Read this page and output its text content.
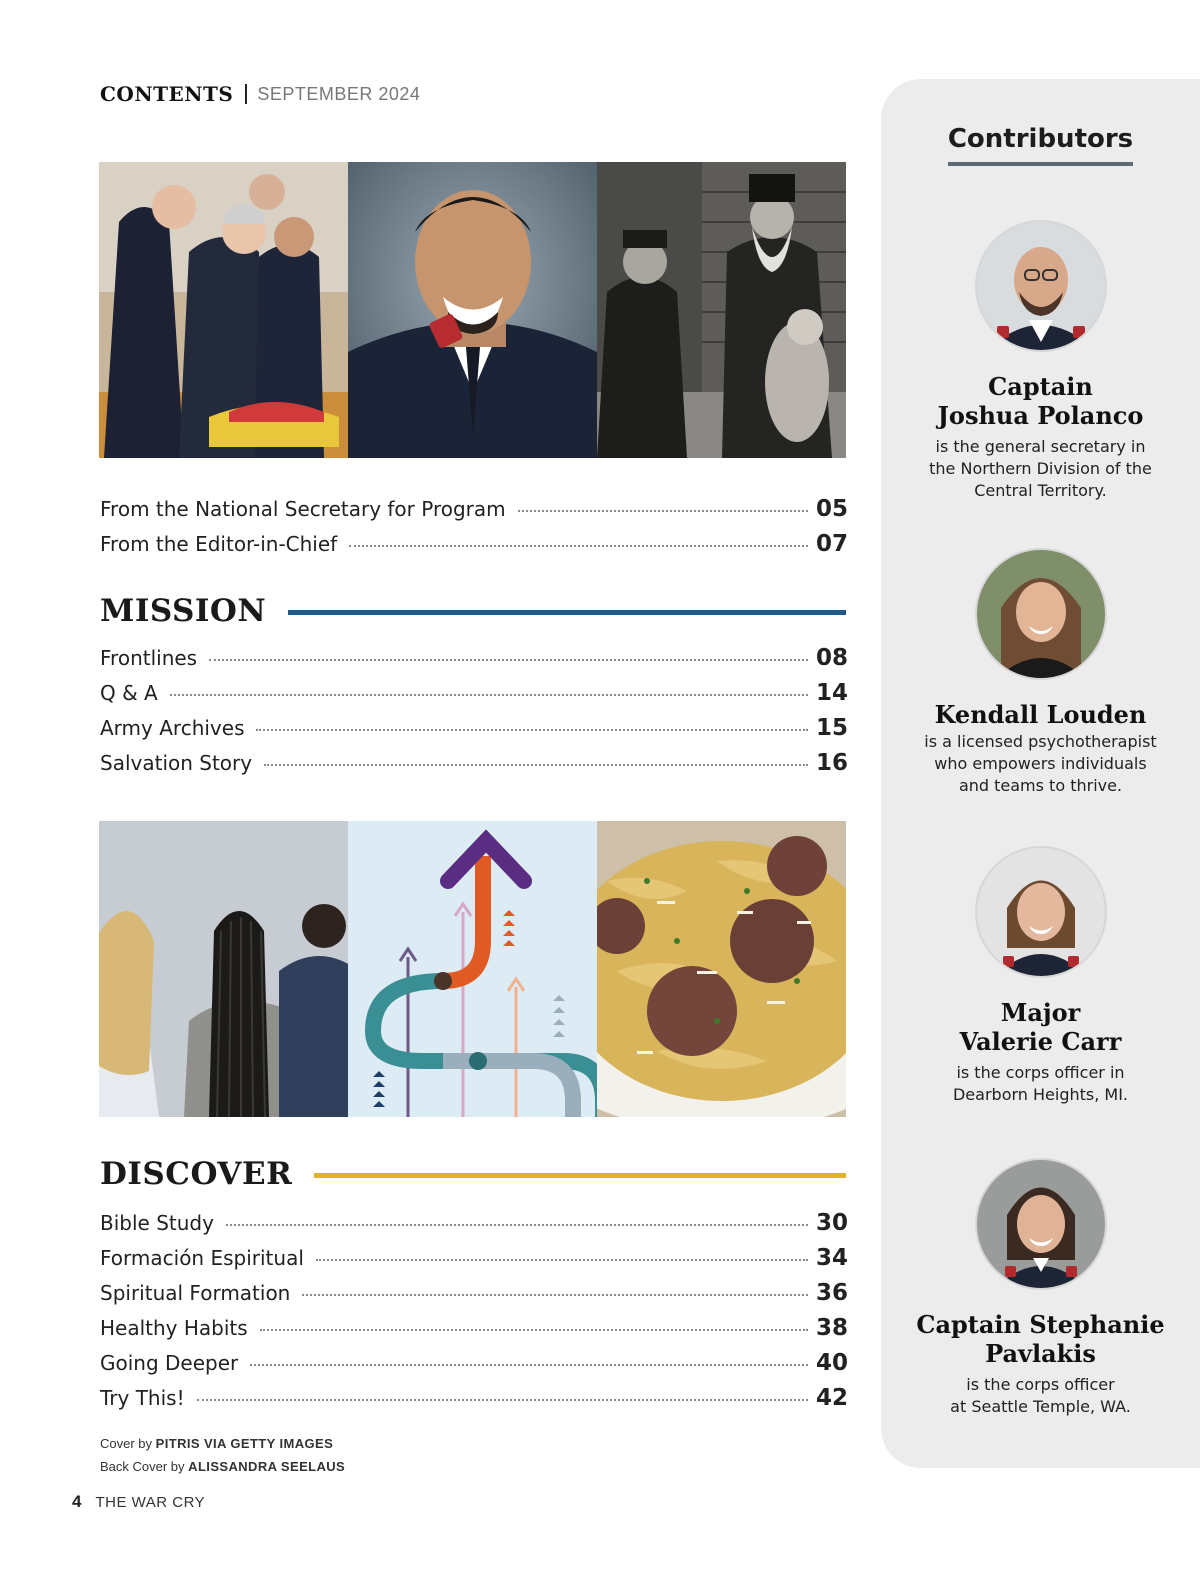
CONTENTS SEPTEMBER 2024
From the National Secretary for Program	05
From the Editor-in-Chief	07
MISSION
Frontlines	08
Q & A	14
Army Archives	15
Salvation Story	16
DISCOVER
Bible Study	30
Formación Espiritual	34
Spiritual Formation	36
Healthy Habits	38
Going Deeper	40
Try This!	42
Cover by PITRIS VIA GETTY IMAGES
Back Cover by ALISSANDRA SEELAUS
4 THE WAR CRY
Contributors
Captain
Joshua Polanco
is the general secretary in
the Northern Division of the
Central Territory.
Kendall Louden
is a licensed psychotherapist
who empowers individuals
and teams to thrive.
Major
Valerie Carr
is the corps officer in
Dearborn Heights, MI.
Captain Stephanie
Pavlakis
is the corps officer
at Seattle Temple, WA.
